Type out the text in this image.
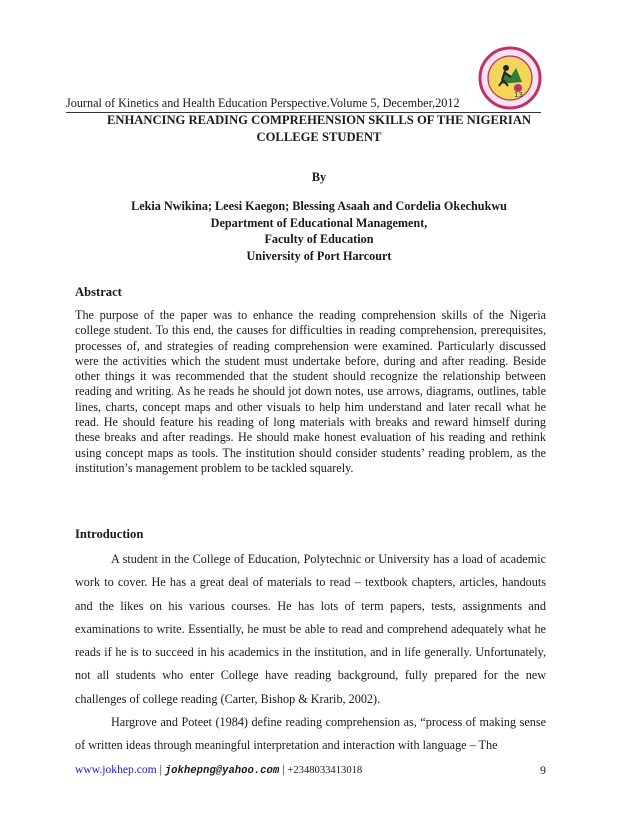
13
Journal of Kinetics and Health Education Perspective.Volume 5, December,2012
ENHANCING READING COMPREHENSION SKILLS OF THE NIGERIAN
COLLEGE STUDENT
By
Lekia Nwikina; Leesi Kaegon; Blessing Asaah and Cordelia Okechukwu
Department of Educational Management,
Faculty of Education
University of Port Harcourt
Abstract

The purpose of the paper was to enhance the reading comprehension skills of the Nigeria college student. To this end, the causes for difficulties in reading comprehension, prerequisites, processes of, and strategies of reading comprehension were examined. Particularly discussed were the activities which the student must undertake before, during and after reading. Beside other things it was recommended that the student should recognize the relationship between reading and writing. As he reads he should jot down notes, use arrows, diagrams, outlines, table lines, charts, concept maps and other visuals to help him understand and later recall what he read. He should feature his reading of long materials with breaks and reward himself during these breaks and after readings. He should make honest evaluation of his reading and rethink using concept maps as tools. The institution should consider students’ reading problem, as the institution’s management problem to be tackled squarely.

Introduction

A student in the College of Education, Polytechnic or University has a load of academic work to cover. He has a great deal of materials to read – textbook chapters, articles, handouts and the likes on his various courses. He has lots of term papers, tests, assignments and examinations to write. Essentially, he must be able to read and comprehend adequately what he reads if he is to succeed in his academics in the institution, and in life generally. Unfortunately, not all students who enter College have reading background, fully prepared for the new challenges of college reading (Carter, Bishop & Krarib, 2002).

Hargrove and Poteet (1984) define reading comprehension as, “process of making sense of written ideas through meaningful interpretation and interaction with language – The

www.jokhep.com | jokhepng@yahoo.com | +2348033413018	9
